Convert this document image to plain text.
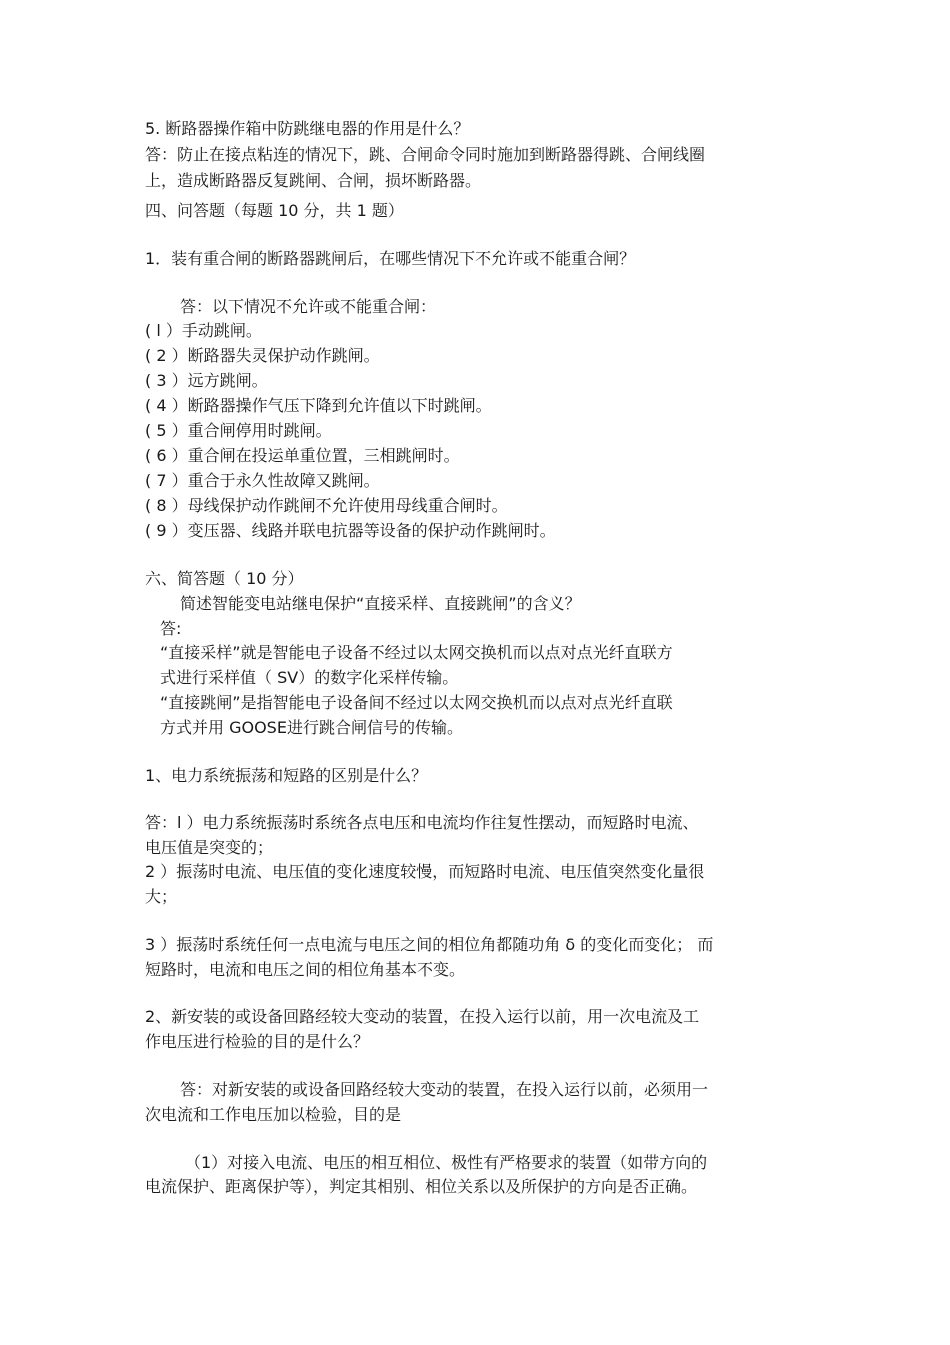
5. 断路器操作箱中防跳继电器的作用是什么？
答：防止在接点粘连的情况下，跳、合闸命令同时施加到断路器得跳、合闸线圈
上，造成断路器反复跳闸、合闸，损坏断路器。
四、问答题（每题 10 分，共 1 题）
1．装有重合闸的断路器跳闸后，在哪些情况下不允许或不能重合闸？
答：以下情况不允许或不能重合闸：
( l ）手动跳闸。
( 2 ）断路器失灵保护动作跳闸。
( 3 ）远方跳闸。
( 4 ）断路器操作气压下降到允许值以下时跳闸。
( 5 ）重合闸停用时跳闸。
( 6 ）重合闸在投运单重位置，三相跳闸时。
( 7 ）重合于永久性故障又跳闸。
( 8 ）母线保护动作跳闸不允许使用母线重合闸时。
( 9 ）变压器、线路并联电抗器等设备的保护动作跳闸时。
六、简答题（ 10 分）
简述智能变电站继电保护“直接采样、直接跳闸”的含义？
答:
“直接采样”就是智能电子设备不经过以太网交换机而以点对点光纤直联方
式进行采样值（ SV）的数字化采样传输。
“直接跳闸”是指智能电子设备间不经过以太网交换机而以点对点光纤直联
方式并用 GOOSE进行跳合闸信号的传输。
1、电力系统振荡和短路的区别是什么？
答：l ）电力系统振荡时系统各点电压和电流均作往复性摆动，而短路时电流、
电压值是突变的；
2 ）振荡时电流、电压值的变化速度较慢，而短路时电流、电压值突然变化量很
大；
3 ）振荡时系统任何一点电流与电压之间的相位角都随功角 δ 的变化而变化； 而
短路时，电流和电压之间的相位角基本不变。
2、新安装的或设备回路经较大变动的装置，在投入运行以前，用一次电流及工
作电压进行检验的目的是什么？
答：对新安装的或设备回路经较大变动的装置，在投入运行以前，必须用一
次电流和工作电压加以检验，目的是
（1）对接入电流、电压的相互相位、极性有严格要求的装置（如带方向的
电流保护、距离保护等），判定其相别、相位关系以及所保护的方向是否正确。
